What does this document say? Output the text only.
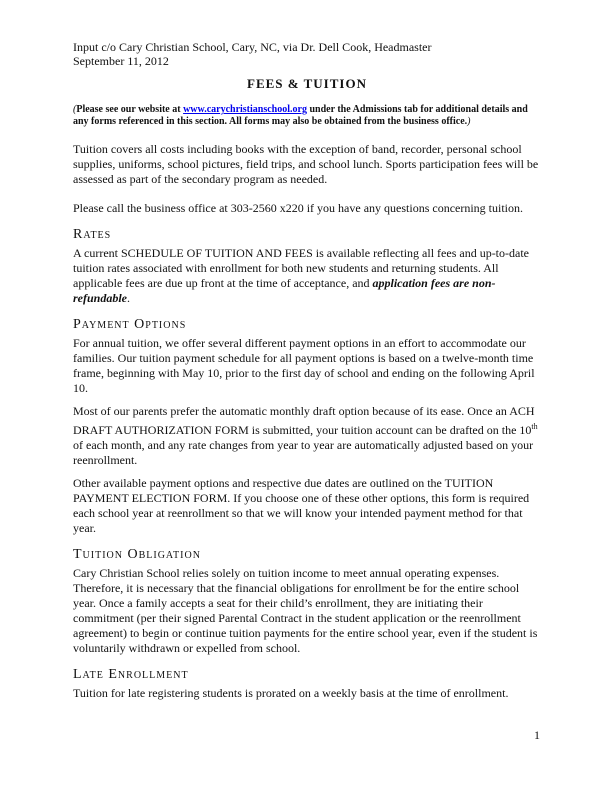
Input c/o Cary Christian School, Cary, NC, via Dr. Dell Cook, Headmaster
September 11, 2012
FEES & TUITION
(Please see our website at www.carychristianschool.org under the Admissions tab for additional details and any forms referenced in this section. All forms may also be obtained from the business office.)

Tuition covers all costs including books with the exception of band, recorder, personal school supplies, uniforms, school pictures, field trips, and school lunch. Sports participation fees will be assessed as part of the secondary program as needed.

Please call the business office at 303-2560 x220 if you have any questions concerning tuition.

Rates

A current SCHEDULE OF TUITION AND FEES is available reflecting all fees and up-to-date tuition rates associated with enrollment for both new students and returning students. All applicable fees are due up front at the time of acceptance, and application fees are non-refundable.

Payment Options

For annual tuition, we offer several different payment options in an effort to accommodate our families. Our tuition payment schedule for all payment options is based on a twelve-month time frame, beginning with May 10, prior to the first day of school and ending on the following April 10.

Most of our parents prefer the automatic monthly draft option because of its ease. Once an ACH DRAFT AUTHORIZATION FORM is submitted, your tuition account can be drafted on the 10th of each month, and any rate changes from year to year are automatically adjusted based on your reenrollment.

Other available payment options and respective due dates are outlined on the TUITION PAYMENT ELECTION FORM. If you choose one of these other options, this form is required each school year at reenrollment so that we will know your intended payment method for that year.

Tuition Obligation

Cary Christian School relies solely on tuition income to meet annual operating expenses. Therefore, it is necessary that the financial obligations for enrollment be for the entire school year. Once a family accepts a seat for their child’s enrollment, they are initiating their commitment (per their signed Parental Contract in the student application or the reenrollment agreement) to begin or continue tuition payments for the entire school year, even if the student is voluntarily withdrawn or expelled from school.

Late Enrollment

Tuition for late registering students is prorated on a weekly basis at the time of enrollment.

1
